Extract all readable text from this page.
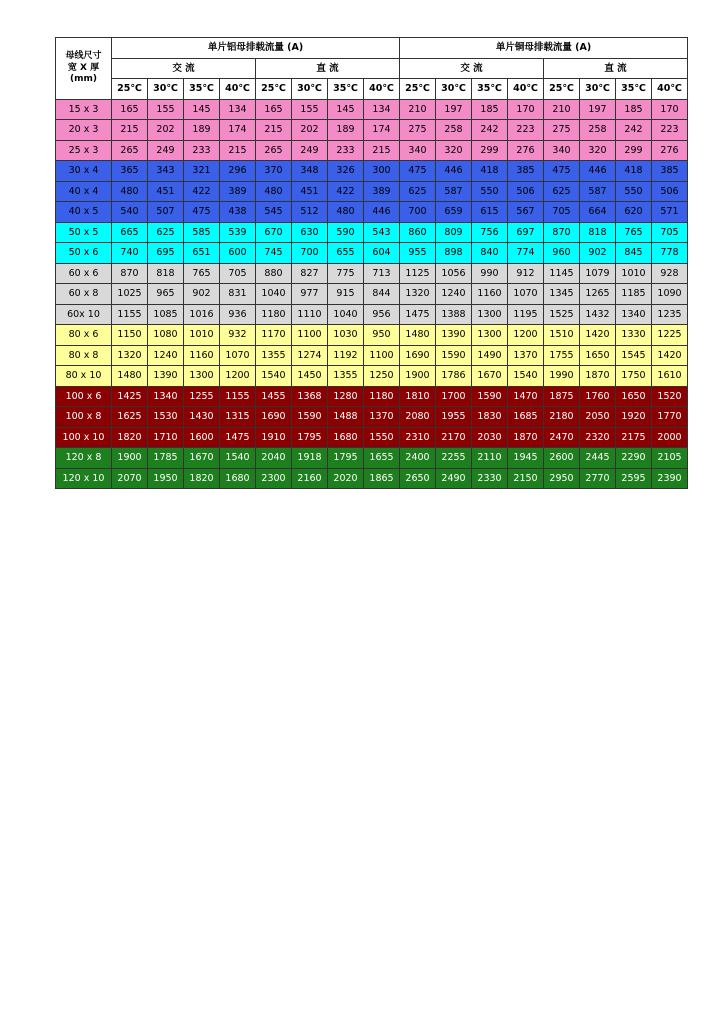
母线尺寸
宽 X 厚
(mm)	单片铝母排载流量 (A)								单片铜母排载流量 (A)							
	交 流				直 流				交 流				直 流			
	25℃	30℃	35℃	40℃	25℃	30℃	35℃	40℃	25℃	30℃	35℃	40℃	25℃	30℃	35℃	40℃
15 x 3	165	155	145	134	165	155	145	134	210	197	185	170	210	197	185	170
20 x 3	215	202	189	174	215	202	189	174	275	258	242	223	275	258	242	223
25 x 3	265	249	233	215	265	249	233	215	340	320	299	276	340	320	299	276
30 x 4	365	343	321	296	370	348	326	300	475	446	418	385	475	446	418	385
40 x 4	480	451	422	389	480	451	422	389	625	587	550	506	625	587	550	506
40 x 5	540	507	475	438	545	512	480	446	700	659	615	567	705	664	620	571
50 x 5	665	625	585	539	670	630	590	543	860	809	756	697	870	818	765	705
50 x 6	740	695	651	600	745	700	655	604	955	898	840	774	960	902	845	778
60 x 6	870	818	765	705	880	827	775	713	1125	1056	990	912	1145	1079	1010	928
60 x 8	1025	965	902	831	1040	977	915	844	1320	1240	1160	1070	1345	1265	1185	1090
60x 10	1155	1085	1016	936	1180	1110	1040	956	1475	1388	1300	1195	1525	1432	1340	1235
80 x 6	1150	1080	1010	932	1170	1100	1030	950	1480	1390	1300	1200	1510	1420	1330	1225
80 x 8	1320	1240	1160	1070	1355	1274	1192	1100	1690	1590	1490	1370	1755	1650	1545	1420
80 x 10	1480	1390	1300	1200	1540	1450	1355	1250	1900	1786	1670	1540	1990	1870	1750	1610
100 x 6	1425	1340	1255	1155	1455	1368	1280	1180	1810	1700	1590	1470	1875	1760	1650	1520
100 x 8	1625	1530	1430	1315	1690	1590	1488	1370	2080	1955	1830	1685	2180	2050	1920	1770
100 x 10	1820	1710	1600	1475	1910	1795	1680	1550	2310	2170	2030	1870	2470	2320	2175	2000
120 x 8	1900	1785	1670	1540	2040	1918	1795	1655	2400	2255	2110	1945	2600	2445	2290	2105
120 x 10	2070	1950	1820	1680	2300	2160	2020	1865	2650	2490	2330	2150	2950	2770	2595	2390
